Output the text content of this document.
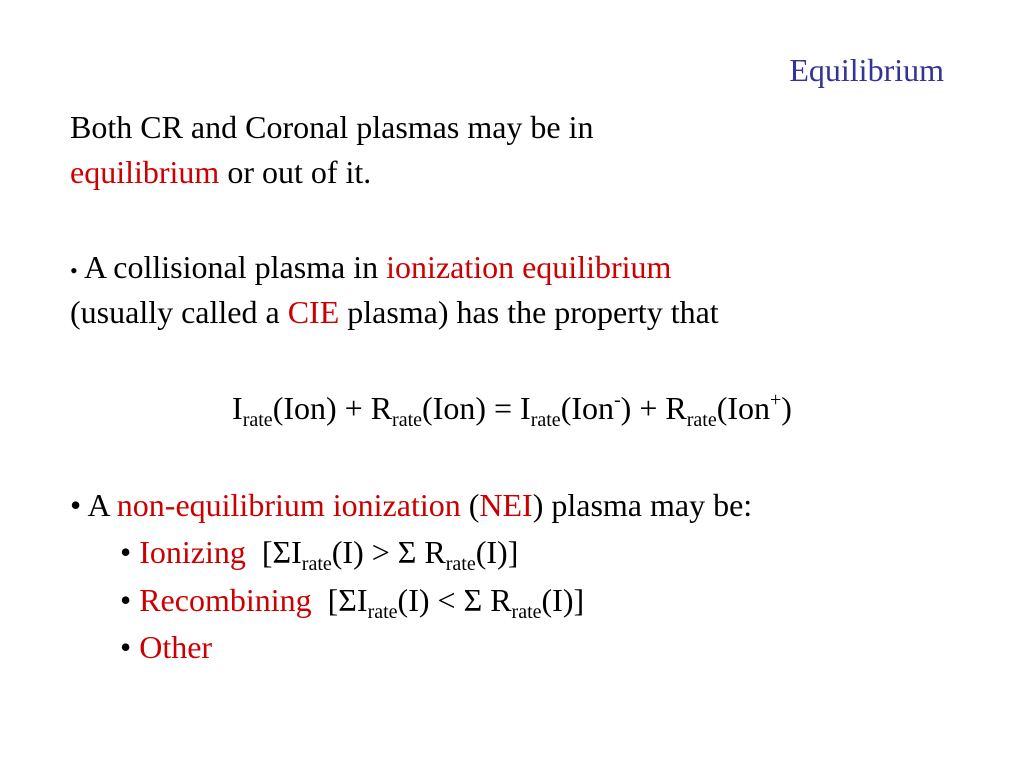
Equilibrium
Both CR and Coronal plasmas may be in
equilibrium or out of it.
• A collisional plasma in ionization equilibrium
(usually called a CIE plasma) has the property that
$I_{rate}(Ion) + R_{rate}(Ion) = I_{rate}(Ion^-) + R_{rate}(Ion^+)$
• A non-equilibrium ionization (NEI) plasma may be:
• Ionizing  [$\Sigma I_{rate}(I) > \Sigma$ $R_{rate}(I)$]
• Recombining  [$\Sigma I_{rate}(I) < \Sigma$ $R_{rate}(I)$]
• Other
